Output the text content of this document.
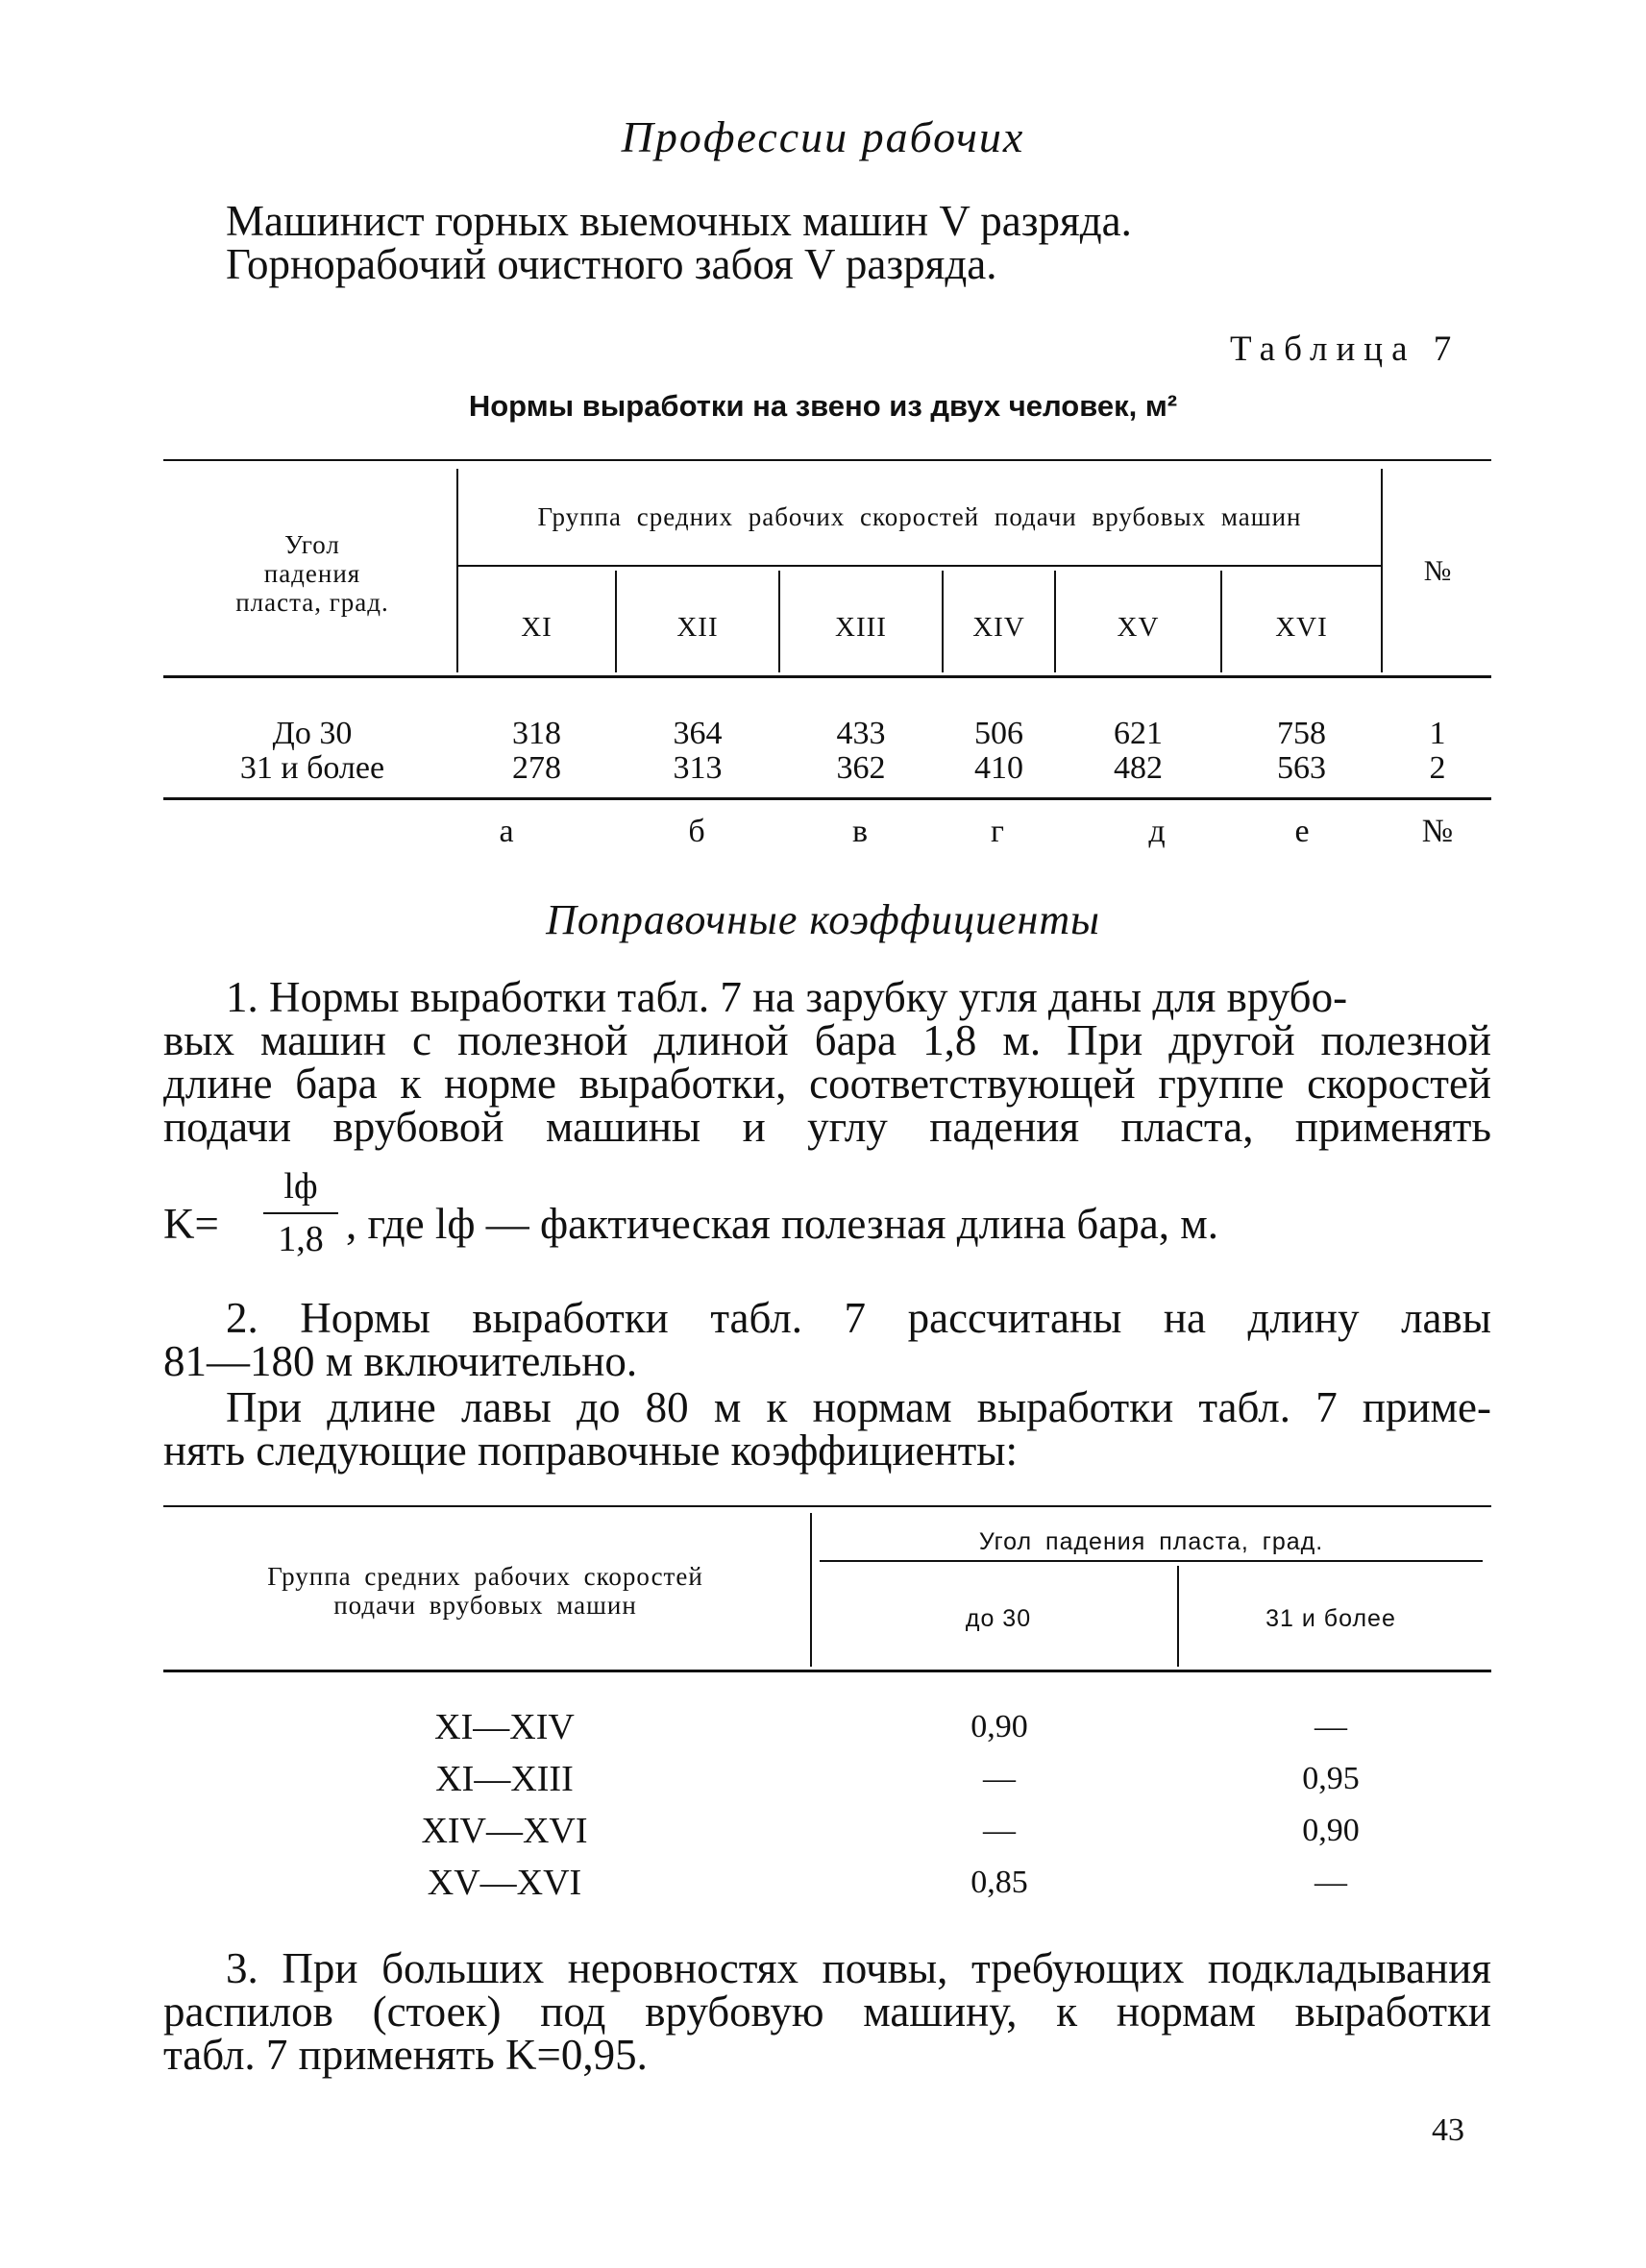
Профессии рабочих
Машинист горных выемочных машин V разряда.
Горнорабочий очистного забоя V разряда.
Таблица 7
Нормы выработки на звено из двух человек, м²
Угол
падения
пласта, град.
Группа средних рабочих скоростей подачи врубовых машин
№
XI	XII	XIII	XIV	XV	XVI
До 30	318	364	433	506	621	758	1
31 и более	278	313	362	410	482	563	2
а	б	в	г	д	е	№
Поправочные коэффициенты
1. Нормы выработки табл. 7 на зарубку угля даны для врубо-
вых машин с полезной длиной бара 1,8 м. При другой полезной
длине бара к норме выработки, соответствующей группе скоростей
подачи врубовой машины и углу падения пласта, применять
K=
lф
1,8 , где lф — фактическая полезная длина бара, м.
2. Нормы выработки табл. 7 рассчитаны на длину лавы
81—180 м включительно.
При длине лавы до 80 м к нормам выработки табл. 7 приме-
нять следующие поправочные коэффициенты:
Группа средних рабочих скоростей
подачи врубовых машин
Угол падения пласта, град.
до 30	31 и более
XI—XIV	0,90	—
XI—XIII	—	0,95
XIV—XVI	—	0,90
XV—XVI	0,85	—
3. При больших неровностях почвы, требующих подкладывания
распилов (стоек) под врубовую машину, к нормам выработки
табл. 7 применять K=0,95.
43
